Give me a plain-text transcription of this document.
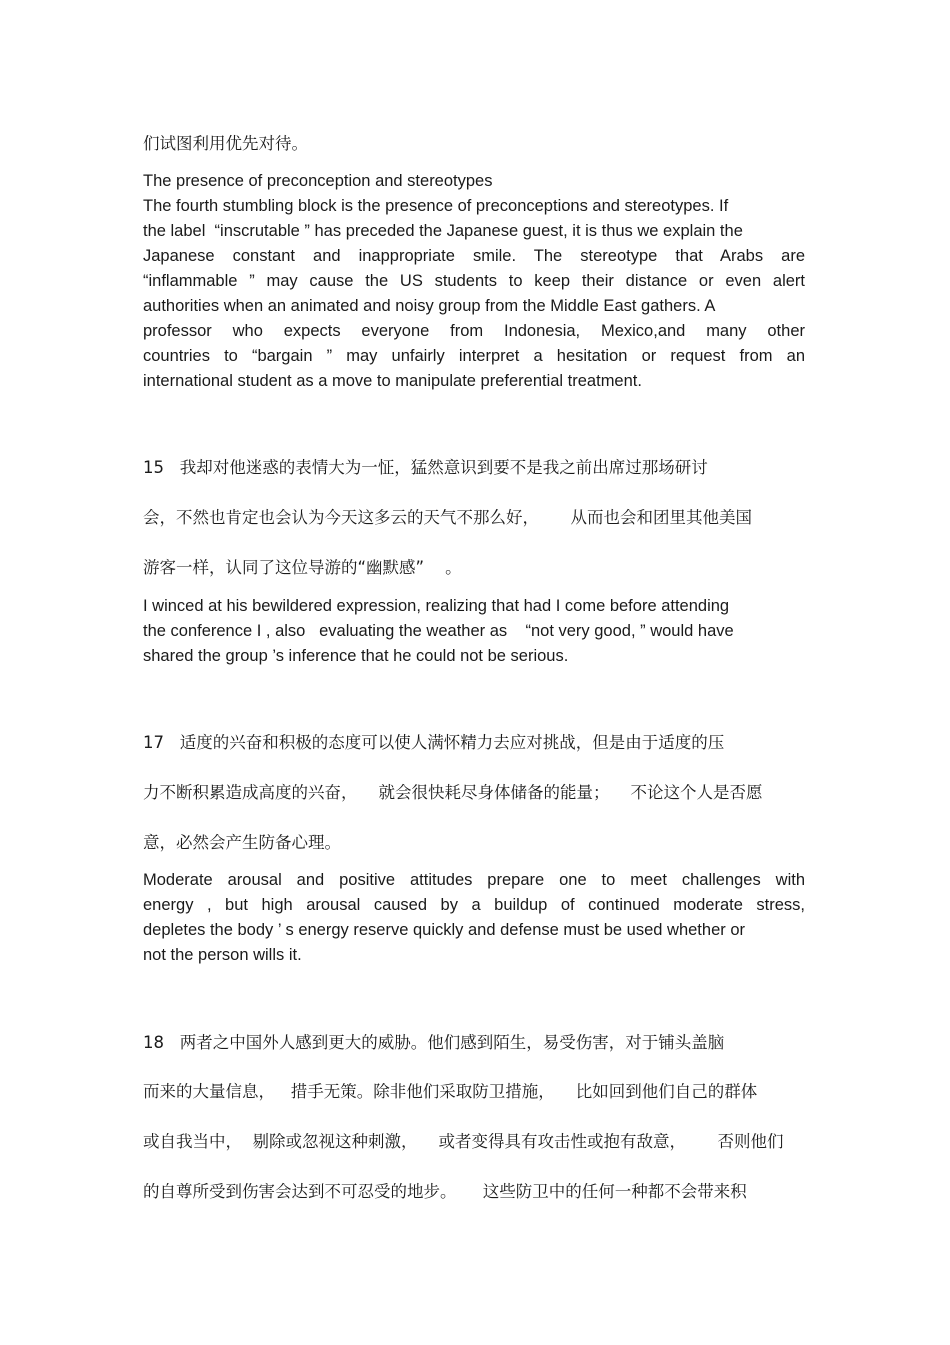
们试图利用优先对待。
The presence of preconception and stereotypes
The fourth stumbling block is the presence of preconceptions and stereotypes. If
the label  “inscrutable ” has preceded the Japanese guest, it is thus we explain the
Japanese constant and inappropriate smile. The stereotype that Arabs are
“inflammable ” may cause the US students to keep their distance or even alert
authorities when an animated and noisy group from the Middle East gathers. A
professor who expects everyone from Indonesia, Mexico,and many other
countries to “bargain ” may unfairly interpret a hesitation or request from an
international student as a move to manipulate preferential treatment.
15   我却对他迷惑的表情大为一怔，猛然意识到要不是我之前出席过那场研讨
会，不然也肯定也会认为今天这多云的天气不那么好，      从而也会和团里其他美国
游客一样，认同了这位导游的“幽默感”    。
I winced at his bewildered expression, realizing that had I come before attending
the conference I , also   evaluating the weather as    “not very good, ” would have
shared the group ’s inference that he could not be serious.
17   适度的兴奋和积极的态度可以使人满怀精力去应对挑战，但是由于适度的压
力不断积累造成高度的兴奋，    就会很快耗尽身体储备的能量；    不论这个人是否愿
意，必然会产生防备心理。
Moderate arousal and positive attitudes prepare one to meet challenges with
energy , but high arousal caused by a buildup of continued moderate stress,
depletes the body ’ s energy reserve quickly and defense must be used whether or
not the person wills it.
18   两者之中国外人感到更大的威胁。他们感到陌生，易受伤害，对于铺头盖脑
而来的大量信息，   措手无策。除非他们采取防卫措施，    比如回到他们自己的群体
或自我当中，  剔除或忽视这种刺激，    或者变得具有攻击性或抱有敌意，      否则他们
的自尊所受到伤害会达到不可忍受的地步。     这些防卫中的任何一种都不会带来积
